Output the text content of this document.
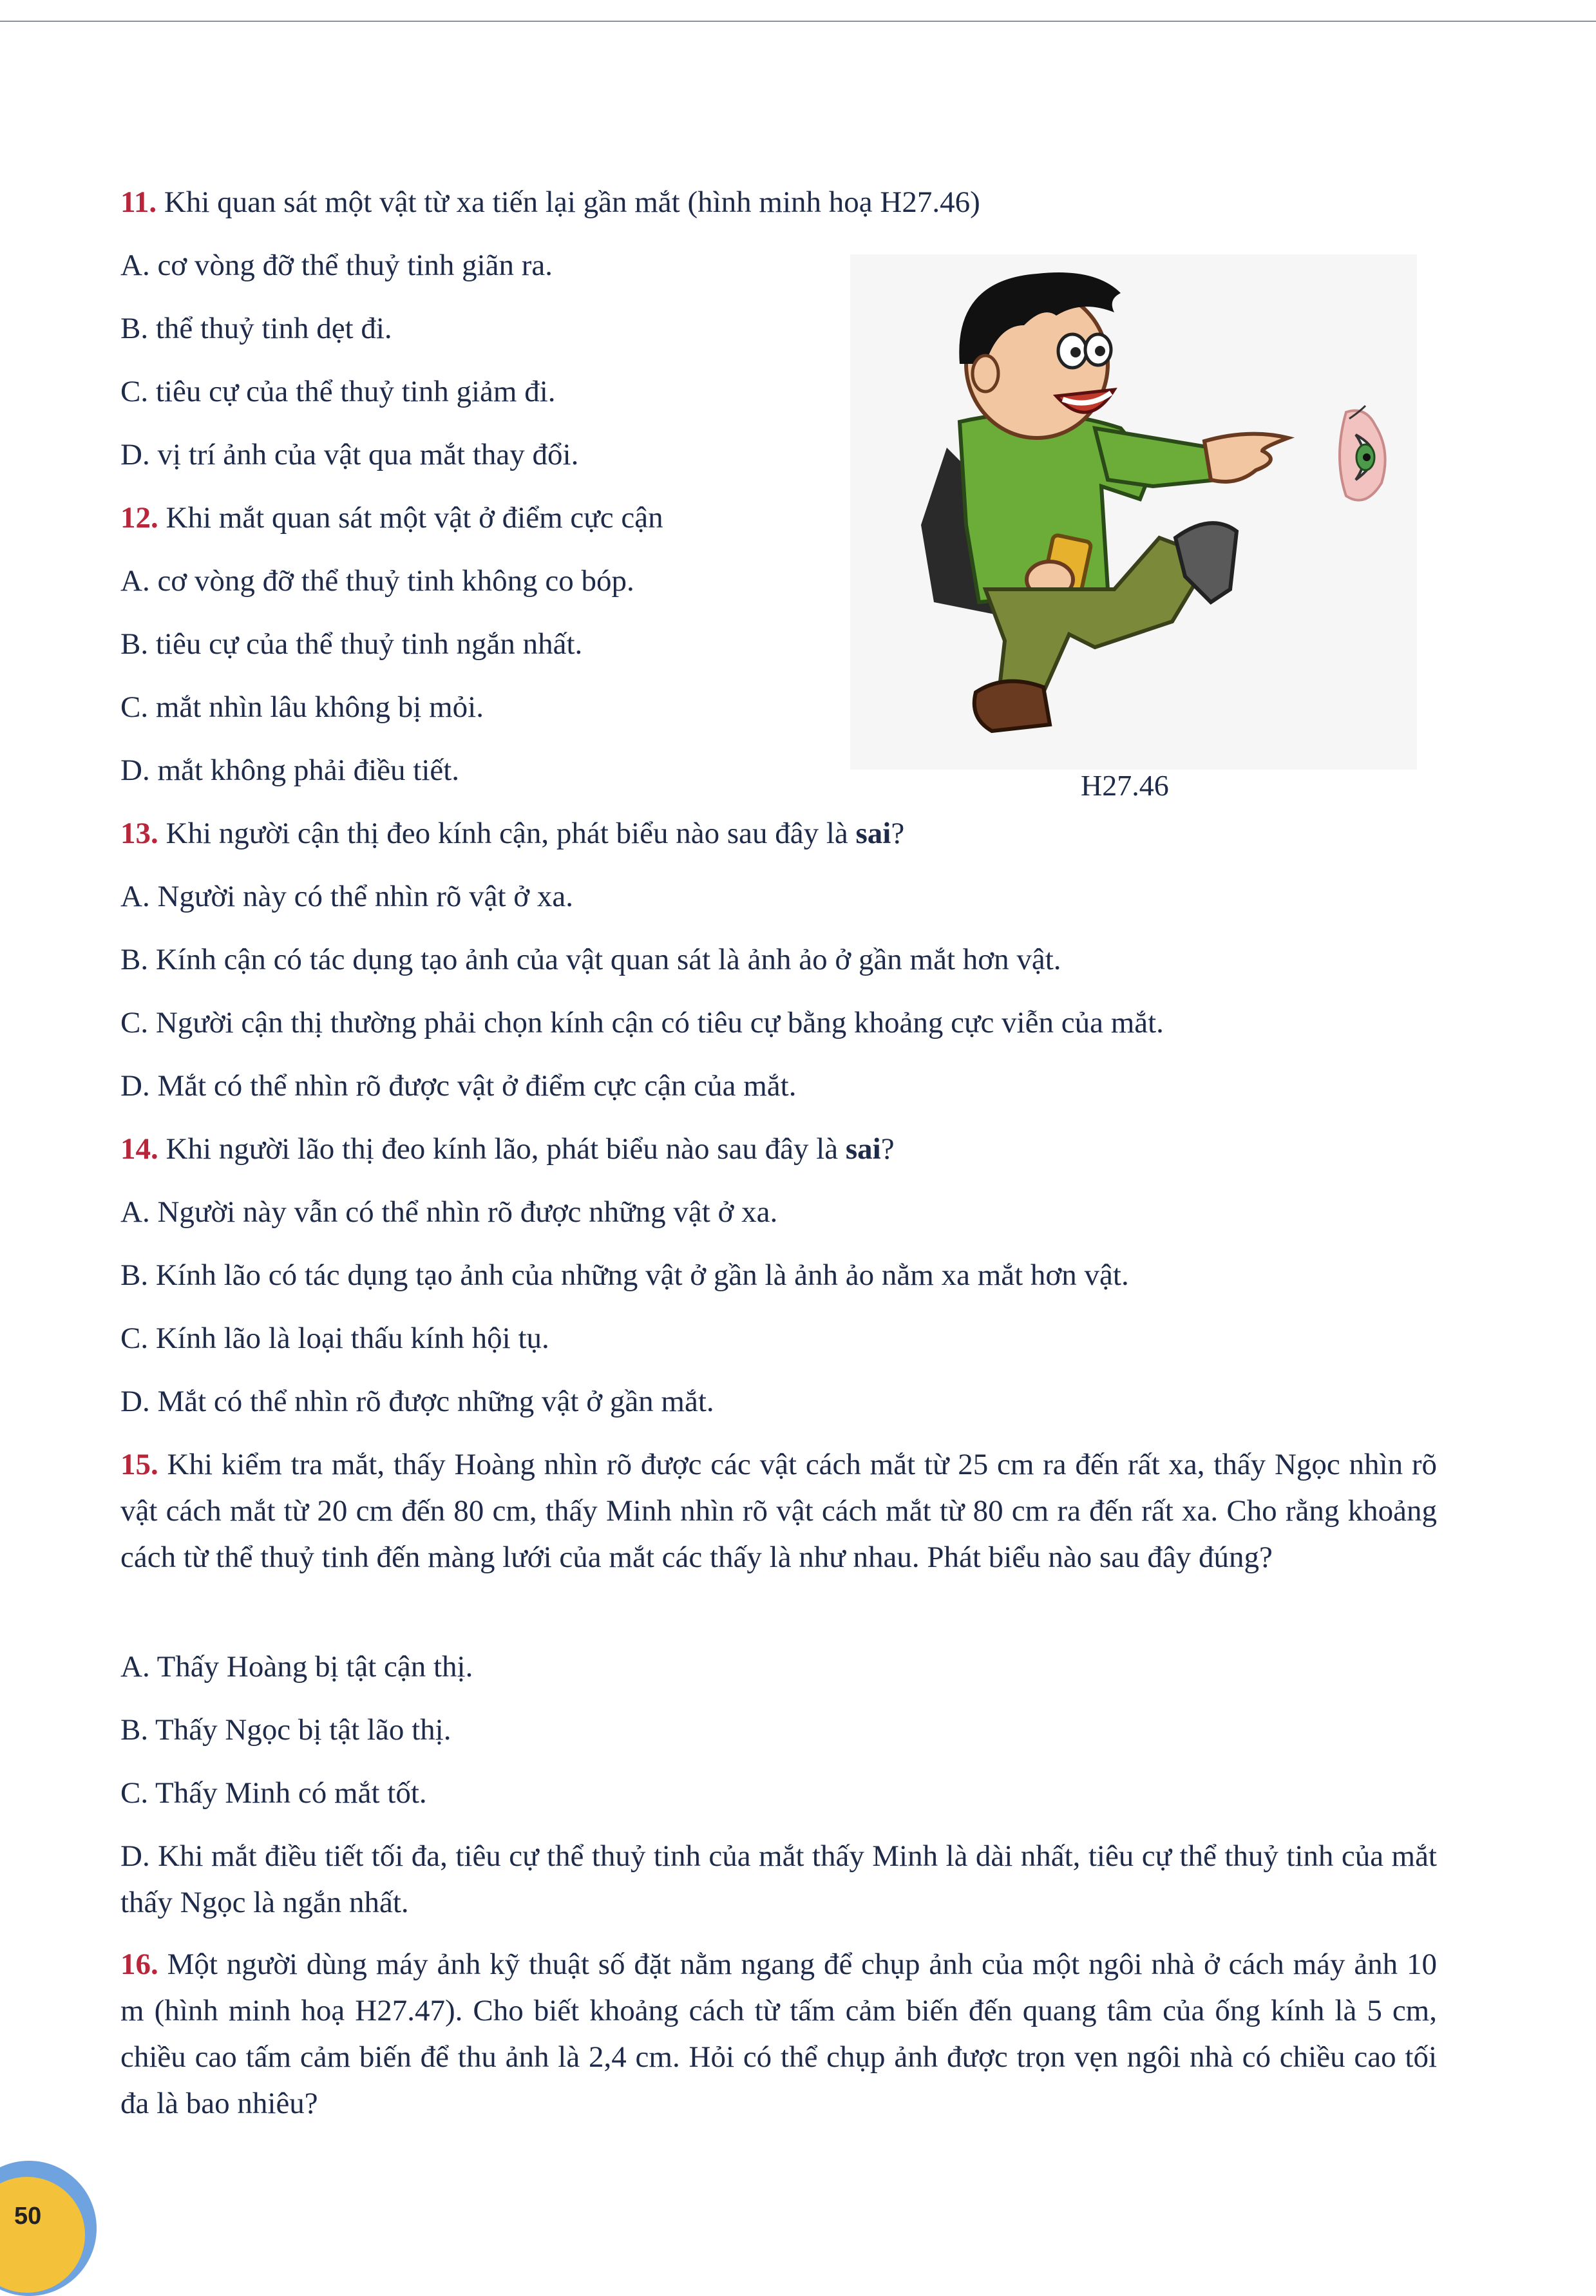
11. Khi quan sát một vật từ xa tiến lại gần mắt (hình minh hoạ H27.46)
A. cơ vòng đỡ thể thuỷ tinh giãn ra.
B. thể thuỷ tinh dẹt đi.
C. tiêu cự của thể thuỷ tinh giảm đi.
D. vị trí ảnh của vật qua mắt thay đổi.
12. Khi mắt quan sát một vật ở điểm cực cận
A. cơ vòng đỡ thể thuỷ tinh không co bóp.
B. tiêu cự của thể thuỷ tinh ngắn nhất.
C. mắt nhìn lâu không bị mỏi.
D. mắt không phải điều tiết.	H27.46
13. Khi người cận thị đeo kính cận, phát biểu nào sau đây là sai?
A. Người này có thể nhìn rõ vật ở xa.
B. Kính cận có tác dụng tạo ảnh của vật quan sát là ảnh ảo ở gần mắt hơn vật.
C. Người cận thị thường phải chọn kính cận có tiêu cự bằng khoảng cực viễn của mắt.
D. Mắt có thể nhìn rõ được vật ở điểm cực cận của mắt.
14. Khi người lão thị đeo kính lão, phát biểu nào sau đây là sai?
A. Người này vẫn có thể nhìn rõ được những vật ở xa.
B. Kính lão có tác dụng tạo ảnh của những vật ở gần là ảnh ảo nằm xa mắt hơn vật.
C. Kính lão là loại thấu kính hội tụ.
D. Mắt có thể nhìn rõ được những vật ở gần mắt.
15. Khi kiểm tra mắt, thấy Hoàng nhìn rõ được các vật cách mắt từ 25 cm ra đến rất xa, thấy Ngọc nhìn rõ vật cách mắt từ 20 cm đến 80 cm, thấy Minh nhìn rõ vật cách mắt từ 80 cm ra đến rất xa. Cho rằng khoảng cách từ thể thuỷ tinh đến màng lưới của mắt các thấy là như nhau. Phát biểu nào sau đây đúng?
A. Thấy Hoàng bị tật cận thị.
B. Thấy Ngọc bị tật lão thị.
C. Thấy Minh có mắt tốt.
D. Khi mắt điều tiết tối đa, tiêu cự thể thuỷ tinh của mắt thấy Minh là dài nhất, tiêu cự thể thuỷ tinh của mắt thấy Ngọc là ngắn nhất.
16. Một người dùng máy ảnh kỹ thuật số đặt nằm ngang để chụp ảnh của một ngôi nhà ở cách máy ảnh 10 m (hình minh hoạ H27.47). Cho biết khoảng cách từ tấm cảm biến đến quang tâm của ống kính là 5 cm, chiều cao tấm cảm biến để thu ảnh là 2,4 cm. Hỏi có thể chụp ảnh được trọn vẹn ngôi nhà có chiều cao tối đa là bao nhiêu?
50
